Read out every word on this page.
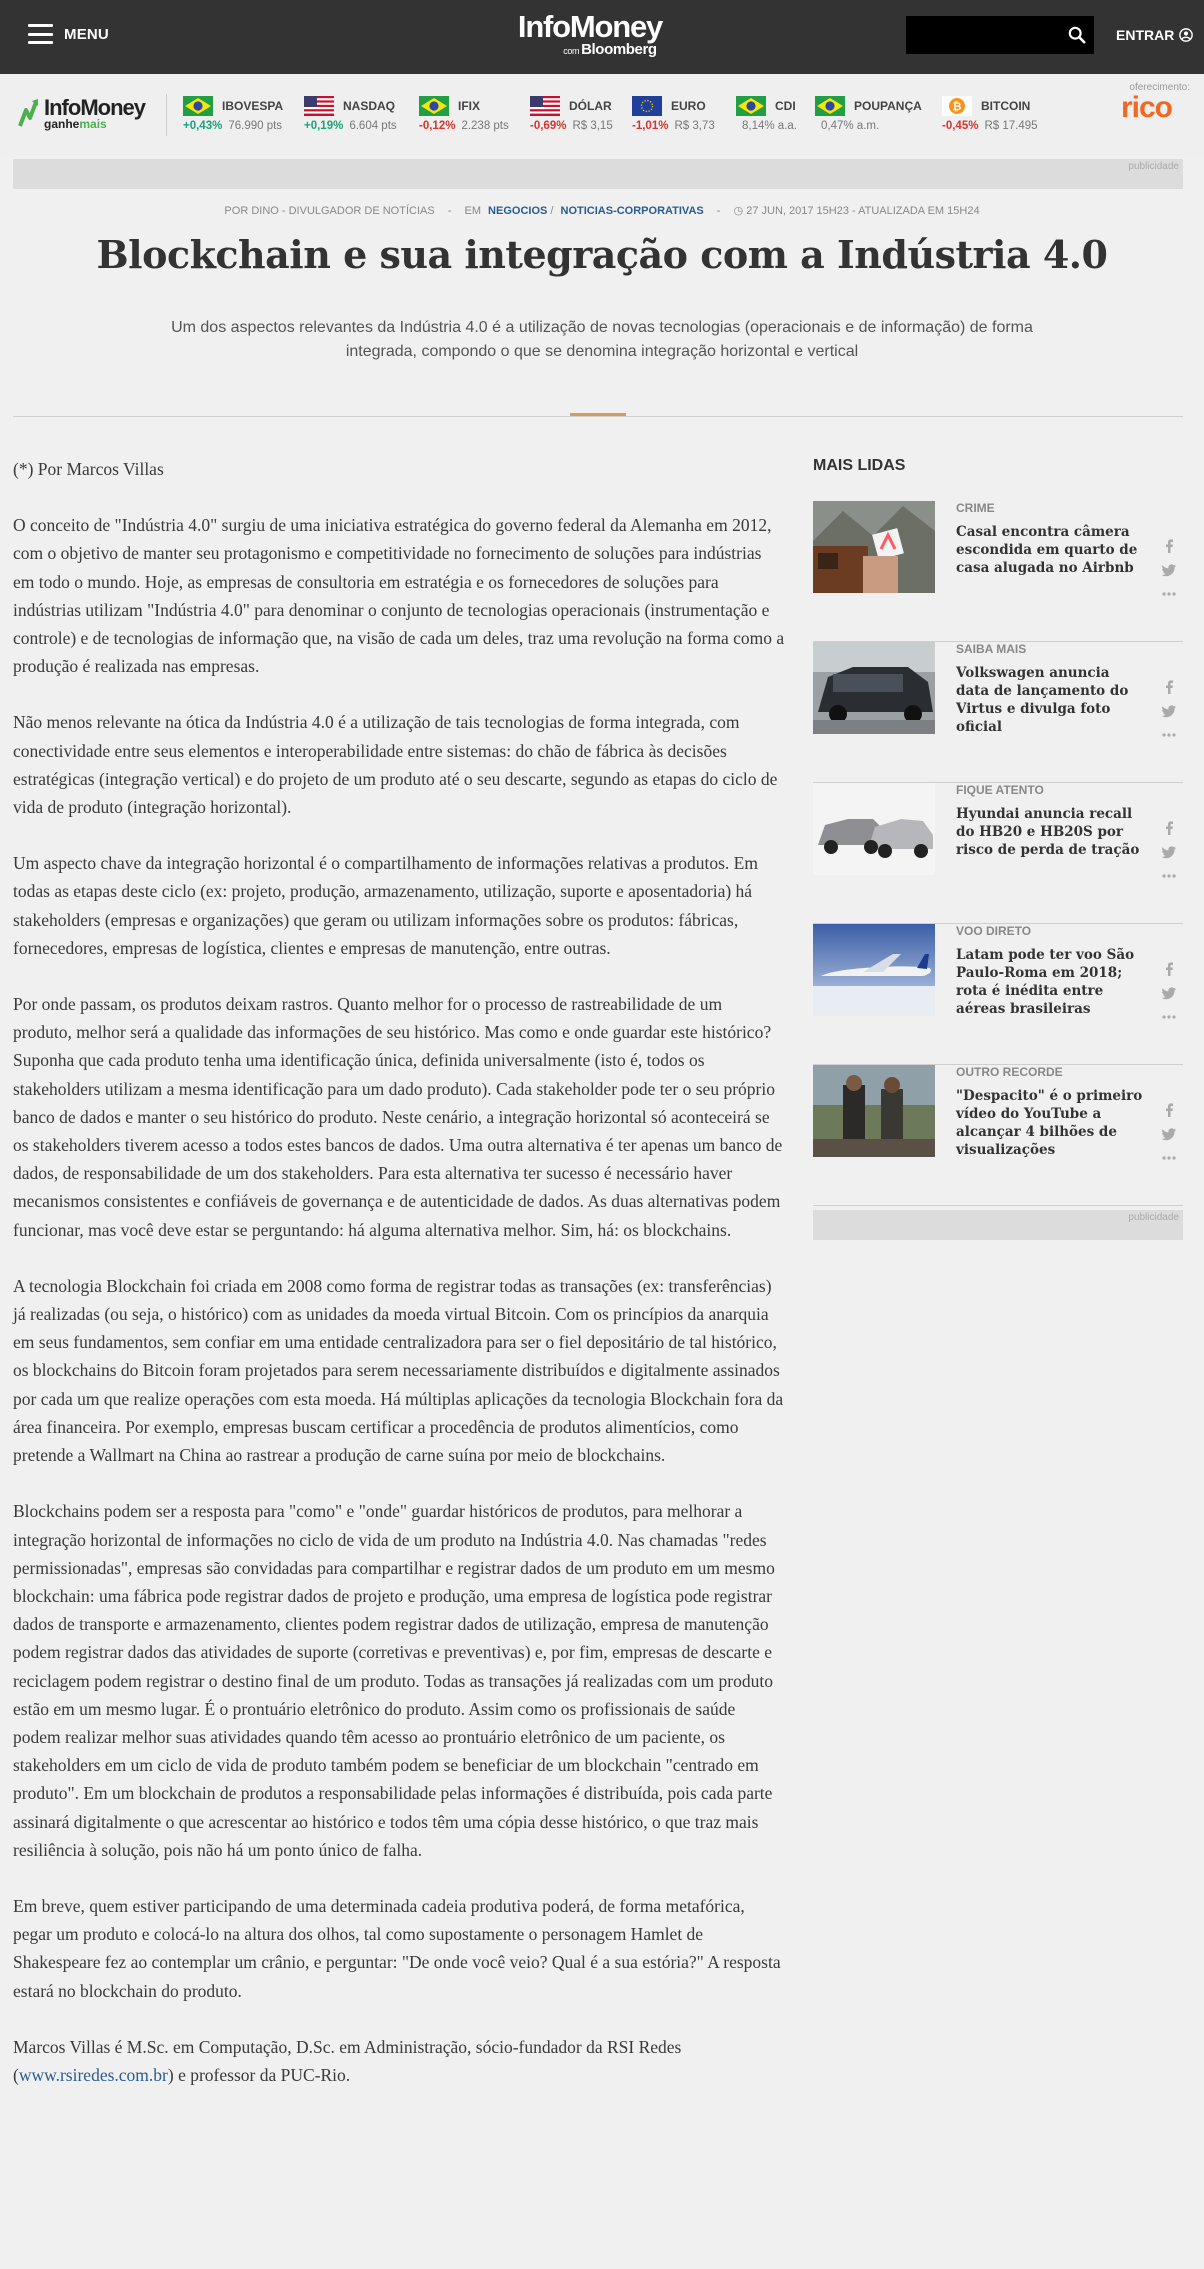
MENU	InfoMoney
com Bloomberg
ENTRAR
InfoMoney
ganhemais
IBOVESPA
+0,43% 76.990 pts
NASDAQ
+0,19% 6.604 pts
IFIX
-0,12% 2.238 pts
DÓLAR
-0,69% R$ 3,15
EURO
-1,01% R$ 3,73
CDI
8,14% a.a.
POUPANÇA
0,47% a.m.
₿ BITCOIN
-0,45% R$ 17.495
oferecimento:
rico
publicidade
POR DINO - DIVULGADOR DE NOTÍCIAS - EM NEGOCIOS / NOTICIAS-CORPORATIVAS - ◷ 27 JUN, 2017 15H23 - ATUALIZADA EM 15H24
Blockchain e sua integração com a Indústria 4.0
Um dos aspectos relevantes da Indústria 4.0 é a utilização de novas tecnologias (operacionais e de informação) de forma integrada, compondo o que se denomina integração horizontal e vertical

(*) Por Marcos Villas

O conceito de "Indústria 4.0" surgiu de uma iniciativa estratégica do governo federal da Alemanha em 2012, com o objetivo de manter seu protagonismo e competitividade no fornecimento de soluções para indústrias em todo o mundo. Hoje, as empresas de consultoria em estratégia e os fornecedores de soluções para indústrias utilizam "Indústria 4.0" para denominar o conjunto de tecnologias operacionais (instrumentação e controle) e de tecnologias de informação que, na visão de cada um deles, traz uma revolução na forma como a produção é realizada nas empresas.

Não menos relevante na ótica da Indústria 4.0 é a utilização de tais tecnologias de forma integrada, com conectividade entre seus elementos e interoperabilidade entre sistemas: do chão de fábrica às decisões estratégicas (integração vertical) e do projeto de um produto até o seu descarte, segundo as etapas do ciclo de vida de produto (integração horizontal).

Um aspecto chave da integração horizontal é o compartilhamento de informações relativas a produtos. Em todas as etapas deste ciclo (ex: projeto, produção, armazenamento, utilização, suporte e aposentadoria) há stakeholders (empresas e organizações) que geram ou utilizam informações sobre os produtos: fábricas, fornecedores, empresas de logística, clientes e empresas de manutenção, entre outras.

Por onde passam, os produtos deixam rastros. Quanto melhor for o processo de rastreabilidade de um produto, melhor será a qualidade das informações de seu histórico. Mas como e onde guardar este histórico? Suponha que cada produto tenha uma identificação única, definida universalmente (isto é, todos os stakeholders utilizam a mesma identificação para um dado produto). Cada stakeholder pode ter o seu próprio banco de dados e manter o seu histórico do produto. Neste cenário, a integração horizontal só aconteceirá se os stakeholders tiverem acesso a todos estes bancos de dados. Uma outra alternativa é ter apenas um banco de dados, de responsabilidade de um dos stakeholders. Para esta alternativa ter sucesso é necessário haver mecanismos consistentes e confiáveis de governança e de autenticidade de dados. As duas alternativas podem funcionar, mas você deve estar se perguntando: há alguma alternativa melhor. Sim, há: os blockchains.

A tecnologia Blockchain foi criada em 2008 como forma de registrar todas as transações (ex: transferências) já realizadas (ou seja, o histórico) com as unidades da moeda virtual Bitcoin. Com os princípios da anarquia em seus fundamentos, sem confiar em uma entidade centralizadora para ser o fiel depositário de tal histórico, os blockchains do Bitcoin foram projetados para serem necessariamente distribuídos e digitalmente assinados por cada um que realize operações com esta moeda. Há múltiplas aplicações da tecnologia Blockchain fora da área financeira. Por exemplo, empresas buscam certificar a procedência de produtos alimentícios, como pretende a Wallmart na China ao rastrear a produção de carne suína por meio de blockchains.

Blockchains podem ser a resposta para "como" e "onde" guardar históricos de produtos, para melhorar a integração horizontal de informações no ciclo de vida de um produto na Indústria 4.0. Nas chamadas "redes permissionadas", empresas são convidadas para compartilhar e registrar dados de um produto em um mesmo blockchain: uma fábrica pode registrar dados de projeto e produção, uma empresa de logística pode registrar dados de transporte e armazenamento, clientes podem registrar dados de utilização, empresa de manutenção podem registrar dados das atividades de suporte (corretivas e preventivas) e, por fim, empresas de descarte e reciclagem podem registrar o destino final de um produto. Todas as transações já realizadas com um produto estão em um mesmo lugar. É o prontuário eletrônico do produto. Assim como os profissionais de saúde podem realizar melhor suas atividades quando têm acesso ao prontuário eletrônico de um paciente, os stakeholders em um ciclo de vida de produto também podem se beneficiar de um blockchain "centrado em produto". Em um blockchain de produtos a responsabilidade pelas informações é distribuída, pois cada parte assinará digitalmente o que acrescentar ao histórico e todos têm uma cópia desse histórico, o que traz mais resiliência à solução, pois não há um ponto único de falha.

Em breve, quem estiver participando de uma determinada cadeia produtiva poderá, de forma metafórica, pegar um produto e colocá-lo na altura dos olhos, tal como supostamente o personagem Hamlet de Shakespeare fez ao contemplar um crânio, e perguntar: "De onde você veio? Qual é a sua estória?" A resposta estará no blockchain do produto.

Marcos Villas é M.Sc. em Computação, D.Sc. em Administração, sócio-fundador da RSI Redes (www.rsiredes.com.br) e professor da PUC-Rio.

MAIS LIDAS
CRIME
Casal encontra câmera escondida em quarto de casa alugada no Airbnb
SAIBA MAIS
Volkswagen anuncia data de lançamento do Virtus e divulga foto oficial
FIQUE ATENTO
Hyundai anuncia recall do HB20 e HB20S por risco de perda de tração
VOO DIRETO
Latam pode ter voo São Paulo-Roma em 2018; rota é inédita entre aéreas brasileiras
OUTRO RECORDE
"Despacito" é o primeiro vídeo do YouTube a alcançar 4 bilhões de visualizações
publicidade
